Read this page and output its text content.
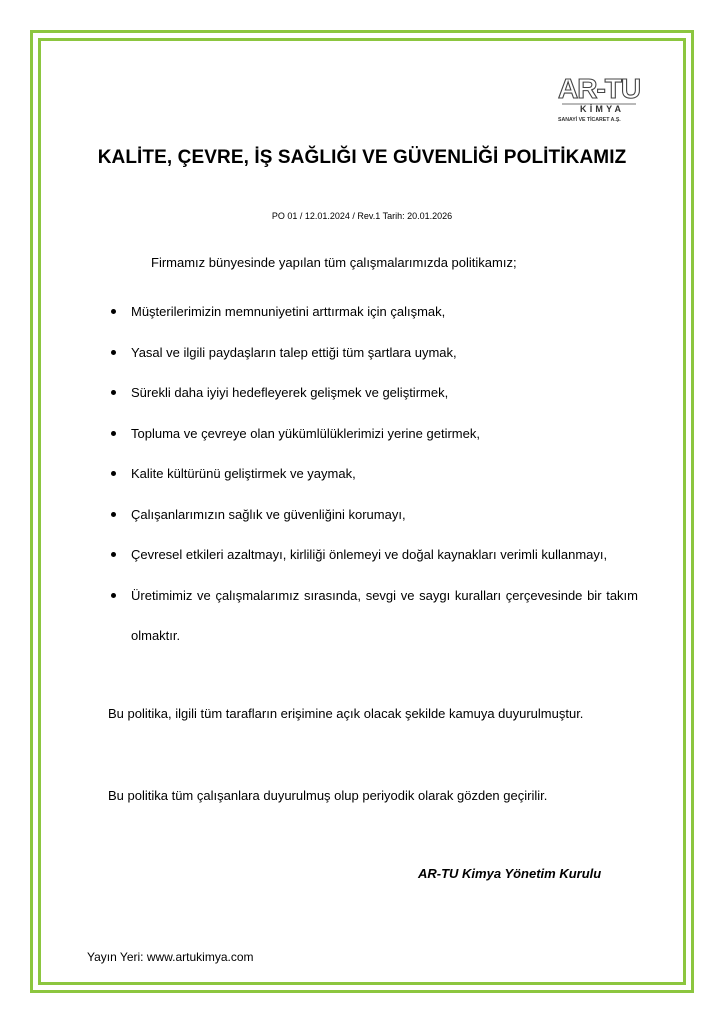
AR-TU
KİMYA
SANAYİ VE TİCARET A.Ş.
KALİTE, ÇEVRE, İŞ SAĞLIĞI VE GÜVENLİĞİ POLİTİKAMIZ
PO 01 / 12.01.2024 / Rev.1 Tarih: 20.01.2026
Firmamız bünyesinde yapılan tüm çalışmalarımızda politikamız;
Müşterilerimizin memnuniyetini arttırmak için çalışmak,
Yasal ve ilgili paydaşların talep ettiği tüm şartlara uymak,
Sürekli daha iyiyi hedefleyerek gelişmek ve geliştirmek,
Topluma ve çevreye olan yükümlülüklerimizi yerine getirmek,
Kalite kültürünü geliştirmek ve yaymak,
Çalışanlarımızın sağlık ve güvenliğini korumayı,
Çevresel etkileri azaltmayı, kirliliği önlemeyi ve doğal kaynakları verimli kullanmayı,
Üretimimiz ve çalışmalarımız sırasında, sevgi ve saygı kuralları çerçevesinde bir takım olmaktır.
Bu politika, ilgili tüm tarafların erişimine açık olacak şekilde kamuya duyurulmuştur.
Bu politika tüm çalışanlara duyurulmuş olup periyodik olarak gözden geçirilir.
AR-TU Kimya Yönetim Kurulu
Yayın Yeri: www.artukimya.com
